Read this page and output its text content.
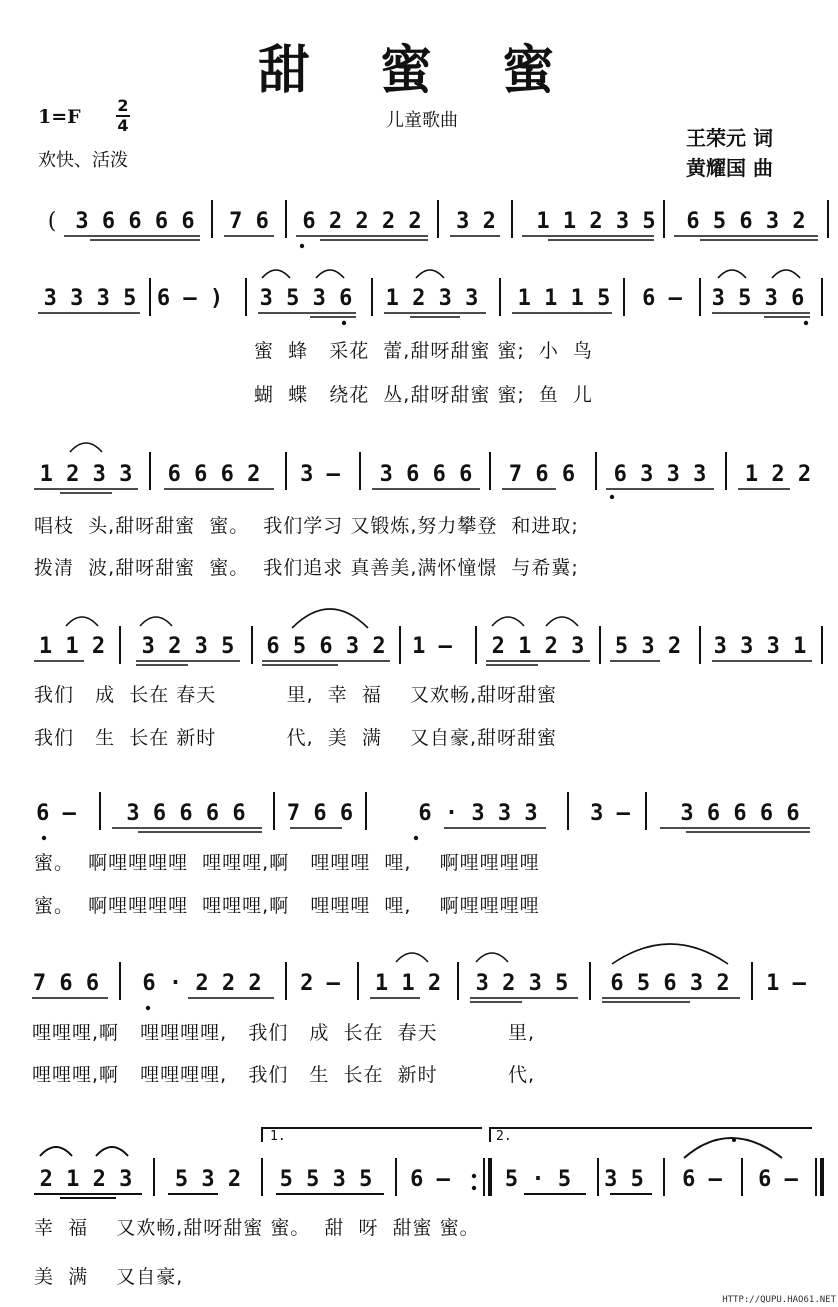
甜 蜜 蜜
$1=F \frac{2}{4}$	儿童歌曲
欢快、活泼
王荣元 词
黄耀国 曲
( 3 6 6 6 6 7 6 6 2 2 2 2 3 2 1 1 2 3 5 6 5 6 3 2
3 3 3 5 6 – ) 3 5 3 6 1 2 3 3 1 1 1 5 6 – 3 5 3 6
1 2 3 3 6 6 6 2 3 – 3 6 6 6 7 6 6 6 3 3 3 1 2 2
1 1 2 3 2 3 5 6 5 6 3 2 1 – 2 1 2 3 5 3 2 3 3 3 1
6 – 3 6 6 6 6 7 6 6	6 · 3 3 3 3 – 3 6 6 6 6
7 6 6 6 · 2 2 2 2 – 1 1 2 3 2 3 5 6 5 6 3 2 1 –
2 1 2 3 5 3 2 5 5 3 5 6 –	5 · 5 3 5 6 – 6 –
1.	2.
蜜  蜂   采花  蕾,甜呀甜蜜 蜜;  小  鸟
蝴  蝶   绕花  丛,甜呀甜蜜 蜜;  鱼  儿
唱枝  头,甜呀甜蜜  蜜。  我们学习 又锻炼,努力攀登  和进取;
拨清  波,甜呀甜蜜  蜜。  我们追求 真善美,满怀憧憬  与希冀;
我们   成  长在 春天          里,  幸  福    又欢畅,甜呀甜蜜
我们   生  长在 新时          代,  美  满    又自豪,甜呀甜蜜
蜜。  啊哩哩哩哩  哩哩哩,啊   哩哩哩  哩,    啊哩哩哩哩
蜜。  啊哩哩哩哩  哩哩哩,啊   哩哩哩  哩,    啊哩哩哩哩
哩哩哩,啊   哩哩哩哩,   我们   成  长在  春天          里,
哩哩哩,啊   哩哩哩哩,   我们   生  长在  新时          代,
幸  福    又欢畅,甜呀甜蜜 蜜。  甜  呀  甜蜜 蜜。
美  满    又自豪,
HTTP://QUPU.HAO61.NET
